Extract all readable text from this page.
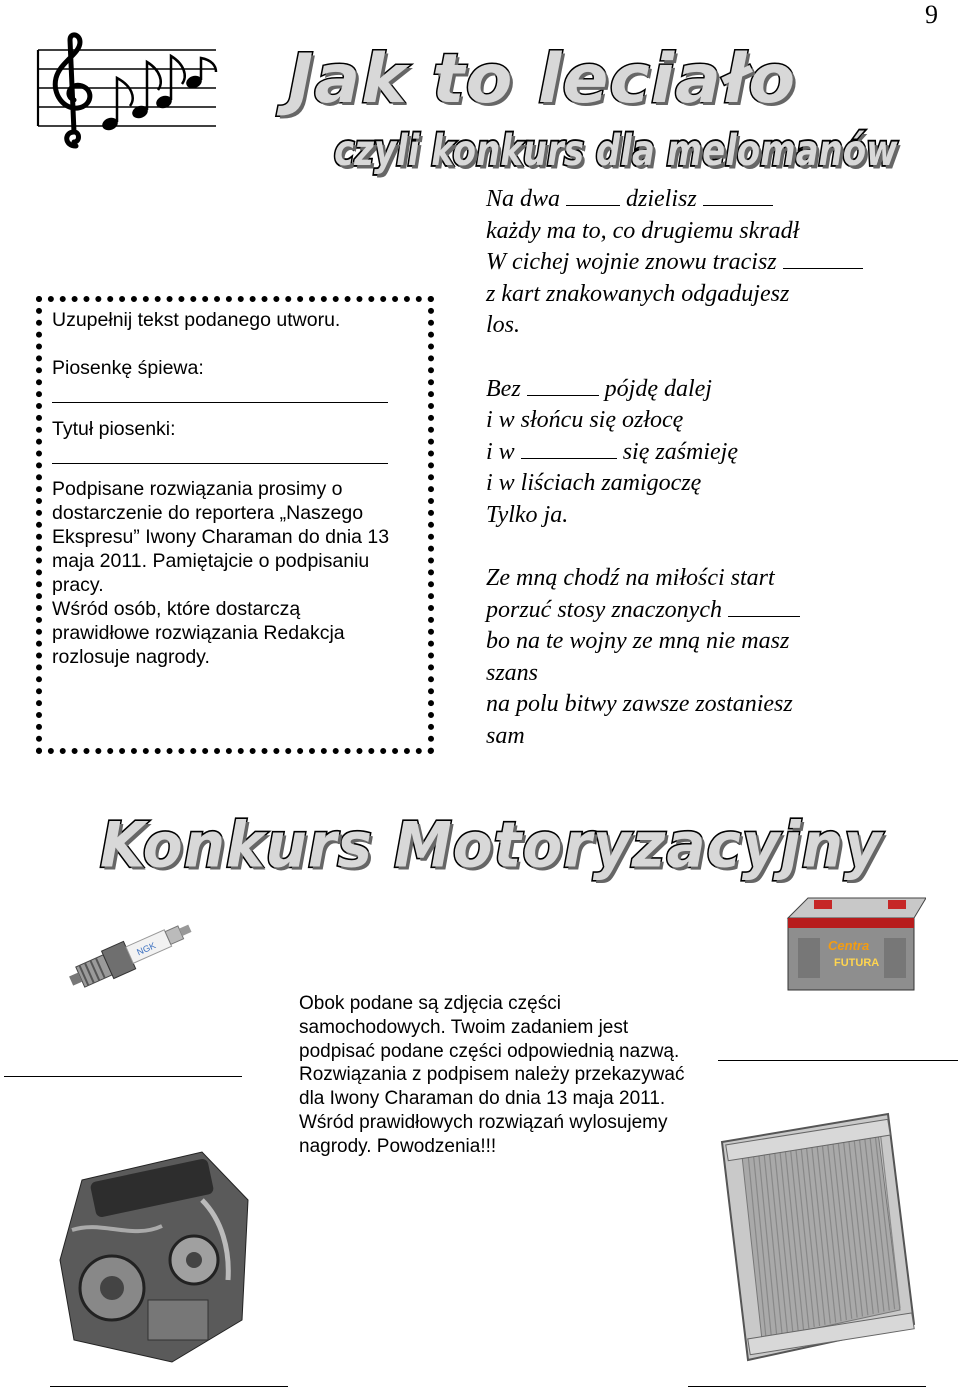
9
Jak to leciało
czyli konkurs dla melomanów

Uzupełnij tekst podanego utworu.

Piosenkę śpiewa:

Tytuł piosenki:

Podpisane rozwiązania prosimy o dostarczenie do reportera „Naszego Ekspresu” Iwony Charaman do dnia 13 maja 2011. Pamiętajcie o podpisaniu pracy.

Wśród osób, które dostarczą prawidłowe rozwiązania Redakcja rozlosuje nagrody.

Na dwa	dzielisz

każdy ma to, co drugiemu skradł

W cichej wojnie znowu tracisz

z kart znakowanych odgadujesz

los.

Bez	pójdę dalej

i w słońcu się ozłocę

i w	się zaśmieję

i w liściach zamigoczę

Tylko ja.

Ze mną chodź na miłości start

porzuć stosy znaczonych

bo na te wojny ze mną nie masz

szans

na polu bitwy zawsze zostaniesz

sam

Konkurs Motoryzacyjny
NGK	Centra
FUTURA
Obok podane są zdjęcia części samochodowych. Twoim zadaniem jest podpisać podane części odpowiednią nazwą. Rozwiązania z podpisem należy przekazywać dla Iwony Charaman do dnia 13 maja 2011. Wśród prawidłowych rozwiązań wylosujemy nagrody. Powodzenia!!!
